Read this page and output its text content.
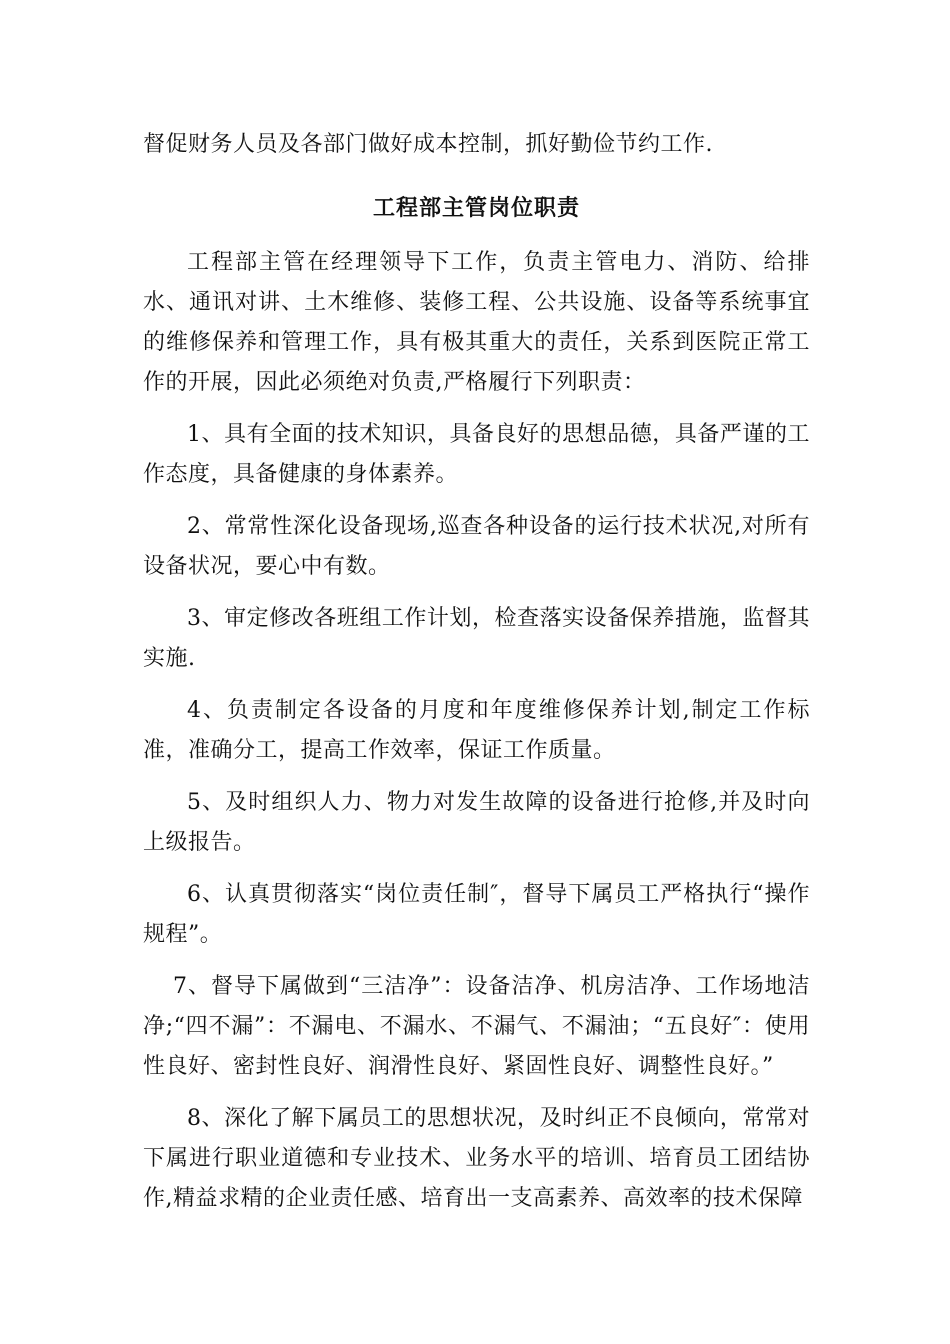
督促财务人员及各部门做好成本控制，抓好勤俭节约工作.

工程部主管岗位职责

工程部主管在经理领导下工作，负责主管电力、消防、给排水、通讯对讲、土木维修、装修工程、公共设施、设备等系统事宜的维修保养和管理工作，具有极其重大的责任，关系到医院正常工作的开展，因此必须绝对负责,严格履行下列职责：

1、具有全面的技术知识，具备良好的思想品德，具备严谨的工作态度，具备健康的身体素养。

2、常常性深化设备现场,巡查各种设备的运行技术状况,对所有设备状况，要心中有数。

3、审定修改各班组工作计划，检查落实设备保养措施，监督其实施.

4、负责制定各设备的月度和年度维修保养计划,制定工作标准，准确分工，提高工作效率，保证工作质量。

5、及时组织人力、物力对发生故障的设备进行抢修,并及时向上级报告。

6、认真贯彻落实“岗位责任制″，督导下属员工严格执行“操作规程”。

7、督导下属做到“三洁净”：设备洁净、机房洁净、工作场地洁净;“四不漏”：不漏电、不漏水、不漏气、不漏油；“五良好″：使用性良好、密封性良好、润滑性良好、紧固性良好、调整性良好。”

8、深化了解下属员工的思想状况，及时纠正不良倾向，常常对下属进行职业道德和专业技术、业务水平的培训、培育员工团结协作,精益求精的企业责任感、培育出一支高素养、高效率的技术保障
